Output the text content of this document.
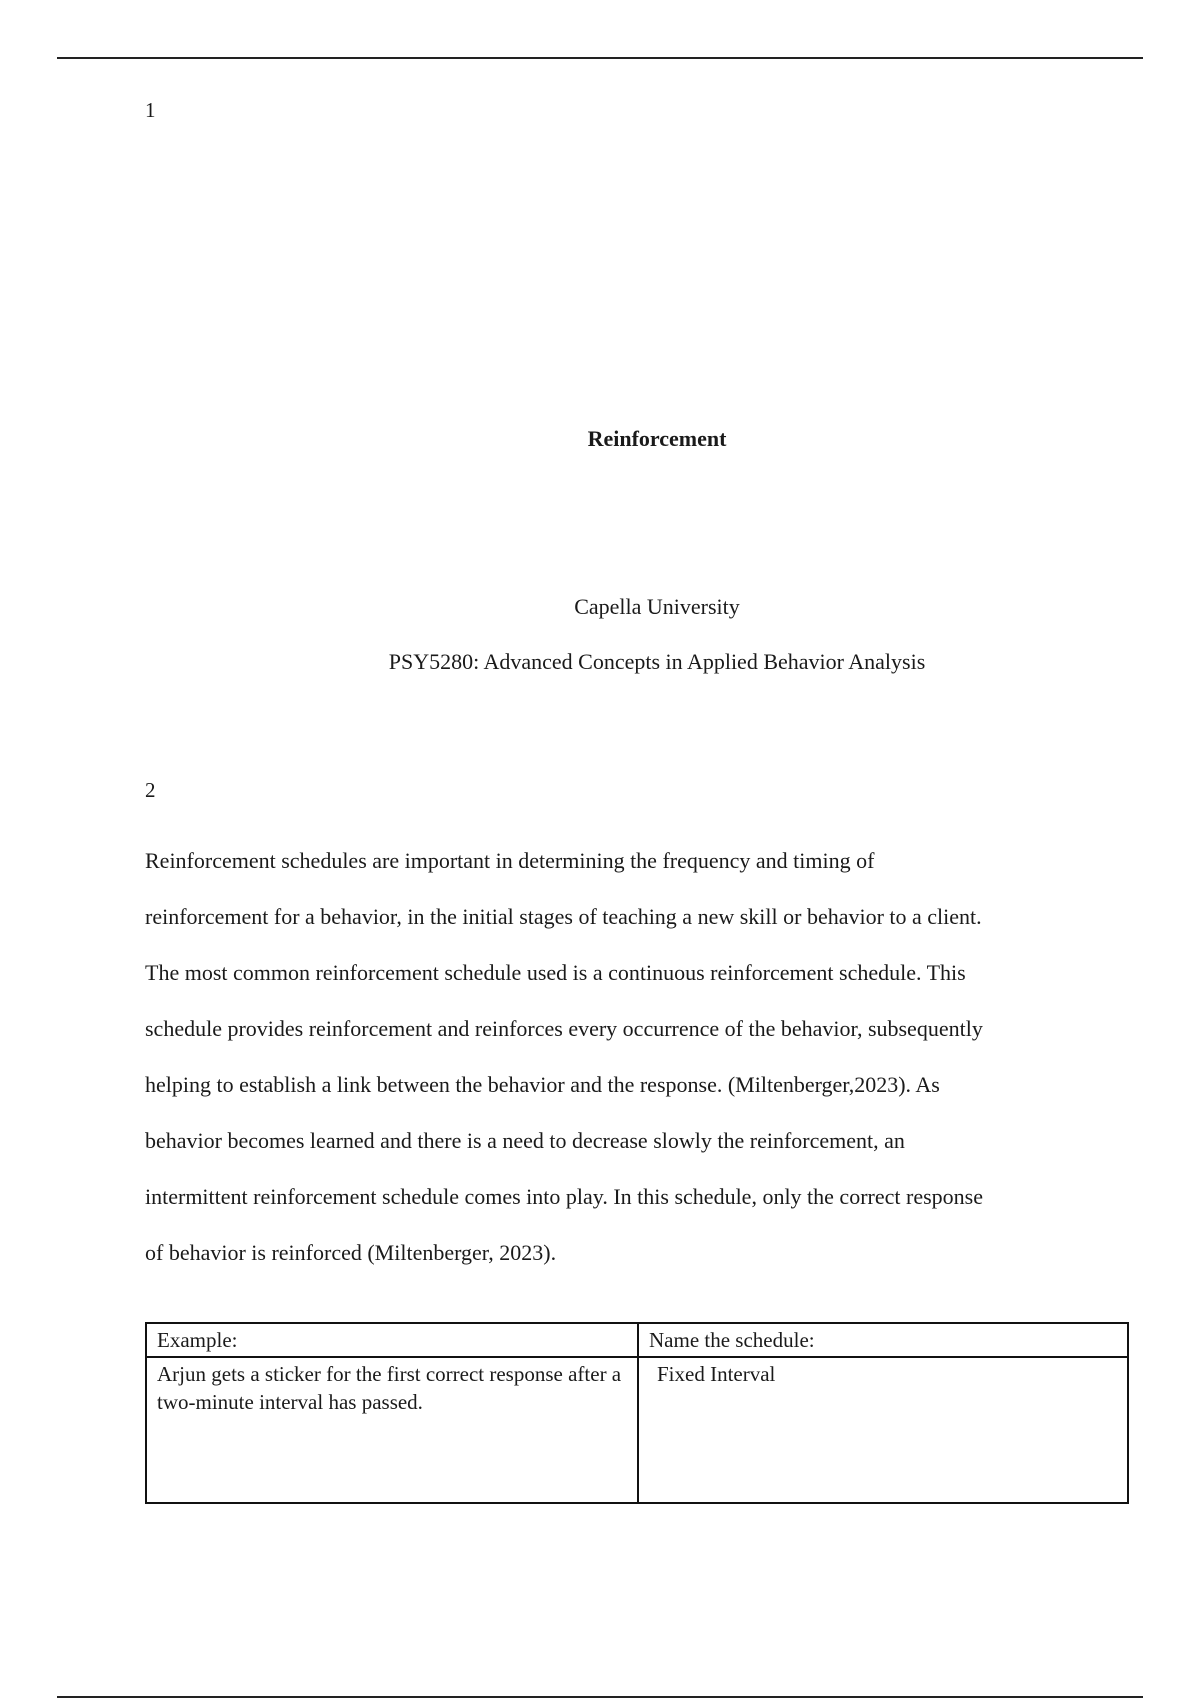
1
Reinforcement
Capella University
PSY5280: Advanced Concepts in Applied Behavior Analysis
2
Reinforcement schedules are important in determining the frequency and timing of
reinforcement for a behavior, in the initial stages of teaching a new skill or behavior to a client.
The most common reinforcement schedule used is a continuous reinforcement schedule. This
schedule provides reinforcement and reinforces every occurrence of the behavior, subsequently
helping to establish a link between the behavior and the response. (Miltenberger,2023). As
behavior becomes learned and there is a need to decrease slowly the reinforcement, an
intermittent reinforcement schedule comes into play. In this schedule, only the correct response
of behavior is reinforced (Miltenberger, 2023).
Example:	Name the schedule:
Arjun gets a sticker for the first correct response after a two-minute interval has passed.	Fixed Interval
